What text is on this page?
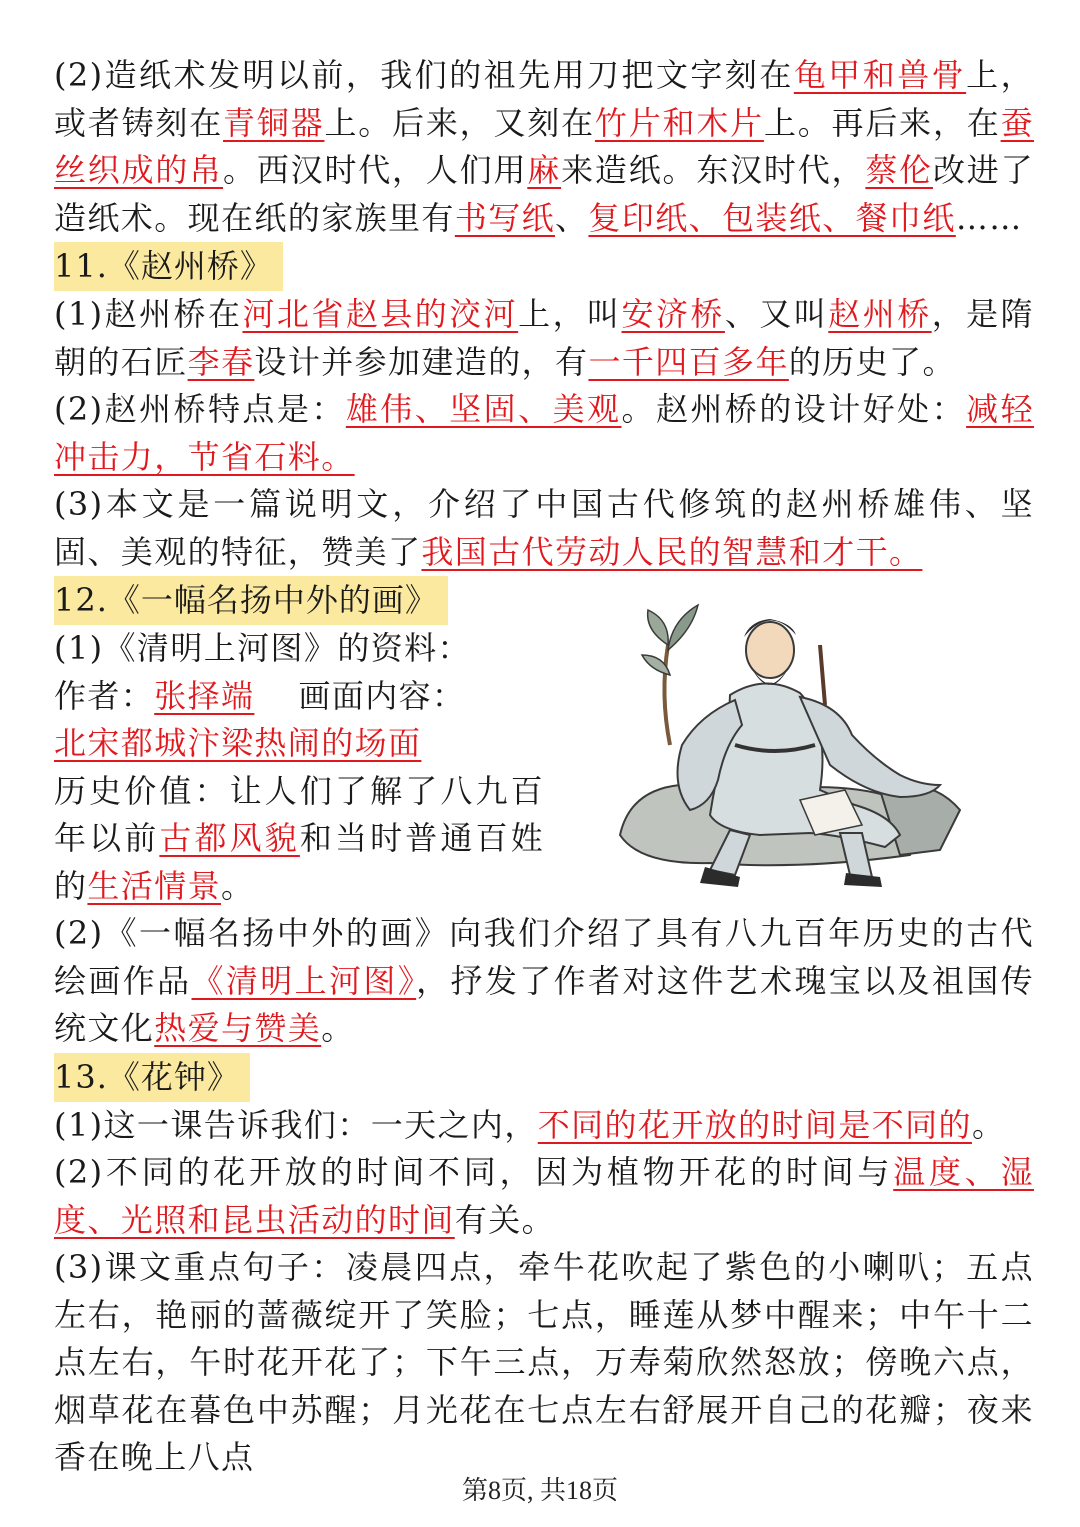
(2)造纸术发明以前，我们的祖先用刀把文字刻在龟甲和兽骨上，或者铸刻在青铜器上。后来，又刻在竹片和木片上。再后来，在蚕丝织成的帛。西汉时代，人们用麻来造纸。东汉时代，蔡伦改进了造纸术。现在纸的家族里有书写纸、复印纸、包装纸、餐巾纸……

11.《赵州桥》

(1)赵州桥在河北省赵县的洨河上，叫安济桥、又叫赵州桥，是隋朝的石匠李春设计并参加建造的，有一千四百多年的历史了。

(2)赵州桥特点是：雄伟、坚固、美观。赵州桥的设计好处：减轻冲击力，节省石料。

(3)本文是一篇说明文，介绍了中国古代修筑的赵州桥雄伟、坚固、美观的特征，赞美了我国古代劳动人民的智慧和才干。

12.《一幅名扬中外的画》

(1)《清明上河图》的资料：

作者：张择端 画面内容：

北宋都城汴梁热闹的场面

历史价值：让人们了解了八九百年以前古都风貌和当时普通百姓的生活情景。

(2)《一幅名扬中外的画》向我们介绍了具有八九百年历史的古代绘画作品《清明上河图》，抒发了作者对这件艺术瑰宝以及祖国传统文化热爱与赞美。

13.《花钟》

(1)这一课告诉我们：一天之内，不同的花开放的时间是不同的。

(2)不同的花开放的时间不同，因为植物开花的时间与温度、湿度、光照和昆虫活动的时间有关。

(3)课文重点句子：凌晨四点，牵牛花吹起了紫色的小喇叭；五点左右，艳丽的蔷薇绽开了笑脸；七点，睡莲从梦中醒来；中午十二点左右，午时花开花了；下午三点，万寿菊欣然怒放；傍晚六点，烟草花在暮色中苏醒；月光花在七点左右舒展开自己的花瓣；夜来香在晚上八点

第8页, 共18页
